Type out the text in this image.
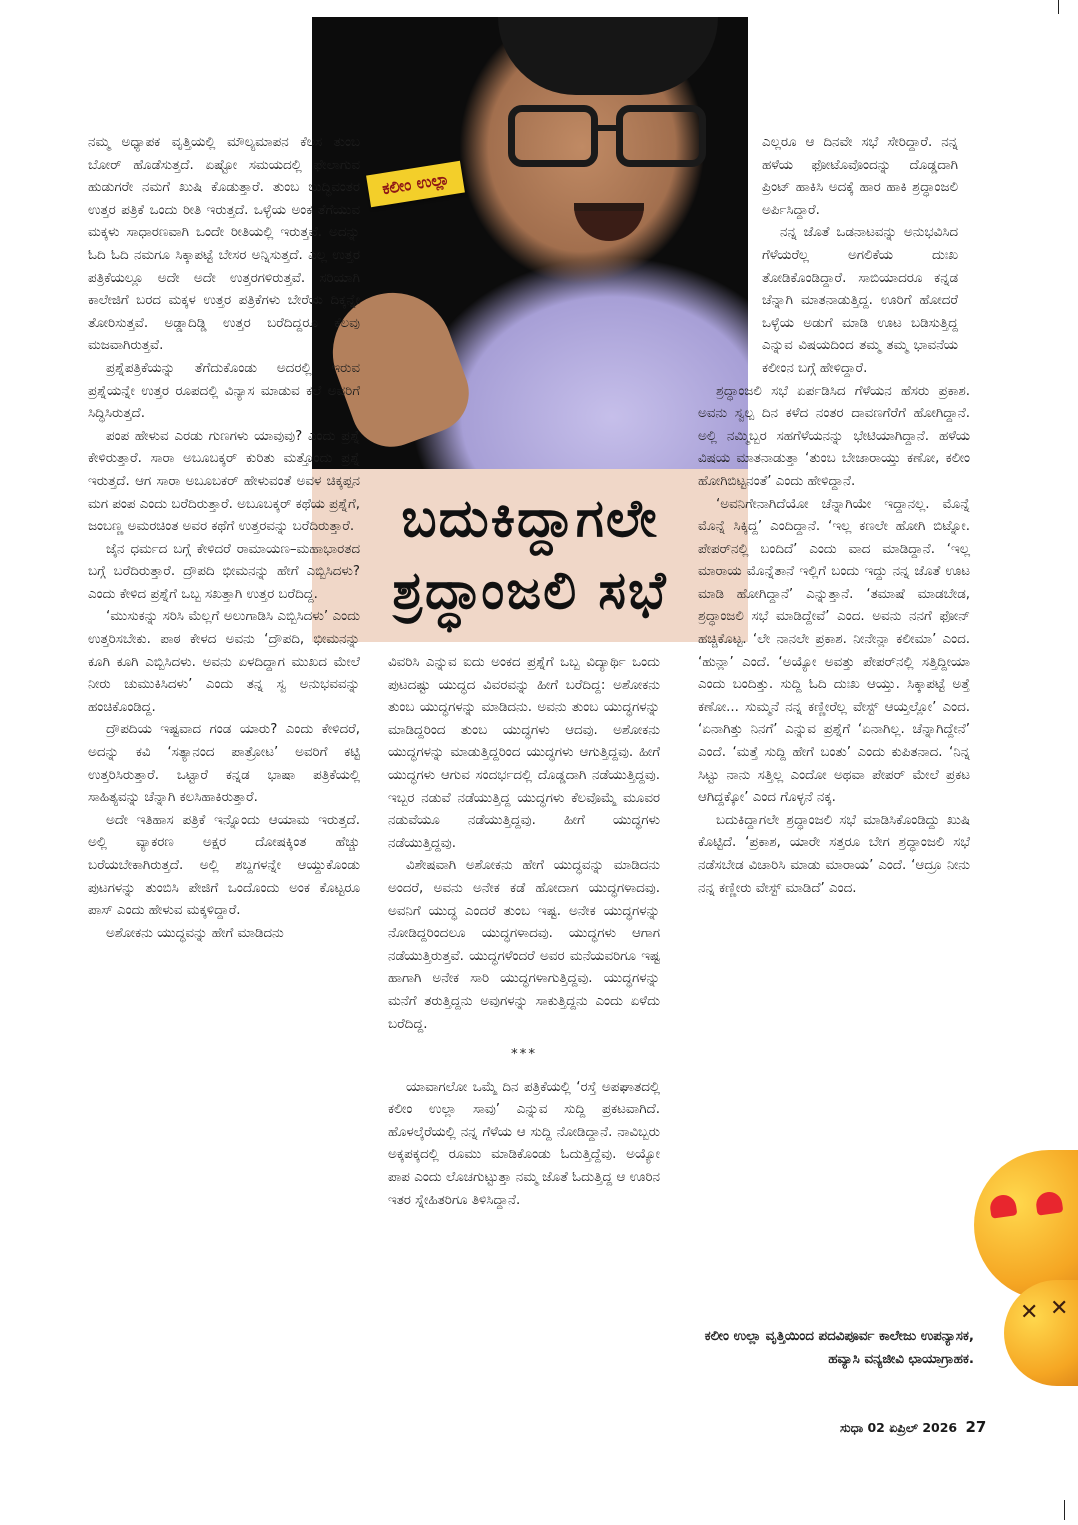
ಕಲೀಂ ಉಲ್ಲಾ
ಬದುಕಿದ್ದಾಗಲೇ
ಶ್ರದ್ಧಾಂಜಲಿ ಸಭೆ

ನಮ್ಮ ಅಧ್ಯಾಪಕ ವೃತ್ತಿಯಲ್ಲಿ ಮೌಲ್ಯಮಾಪನ ಕೆಲಸ ತುಂಬ ಬೋರ್ ಹೊಡೆಸುತ್ತದೆ. ಏಷ್ಟೋ ಸಮಯದಲ್ಲಿ ಫೇಲಾಗುವ ಹುಡುಗರೇ ನಮಗೆ ಖುಷಿ ಕೊಡುತ್ತಾರೆ. ತುಂಬ ಬುದ್ಧಿವಂತರ ಉತ್ತರ ಪತ್ರಿಕೆ ಒಂದು ರೀತಿ ಇರುತ್ತದೆ. ಒಳ್ಳೆಯ ಅಂಕ ತೆಗೆಯುವ ಮಕ್ಕಳು ಸಾಧಾರಣವಾಗಿ ಒಂದೇ ರೀತಿಯಲ್ಲಿ ಇರುತ್ತವೆ. ಅದನ್ನು ಓದಿ ಓದಿ ನಮಗೂ ಸಿಕ್ಕಾಪಟ್ಟೆ ಬೇಸರ ಅನ್ನಿಸುತ್ತದೆ. ಎಲ್ಲ ಉತ್ತರ ಪತ್ರಿಕೆಯಲ್ಲೂ ಅದೇ ಅದೇ ಉತ್ತರಗಳಿರುತ್ತವೆ. ಸರಿಯಾಗಿ ಕಾಲೇಜಿಗೆ ಬರದ ಮಕ್ಕಳ ಉತ್ತರ ಪತ್ರಿಕೆಗಳು ಬೇರೆಯ ದಿಕ್ಕನ್ನೇ ತೋರಿಸುತ್ತವೆ. ಅಡ್ಡಾದಿಡ್ಡಿ ಉತ್ತರ ಬರೆದಿದ್ದರೂ ಕೆಲವು ಮಜವಾಗಿರುತ್ತವೆ.

ಪ್ರಶ್ನೆಪತ್ರಿಕೆಯನ್ನು ತೆಗೆದುಕೊಂಡು ಅದರಲ್ಲಿ ಇರುವ ಪ್ರಶ್ನೆಯನ್ನೇ ಉತ್ತರ ರೂಪದಲ್ಲಿ ವಿನ್ಯಾಸ ಮಾಡುವ ಕಲೆ ಅವರಿಗೆ ಸಿದ್ಧಿಸಿರುತ್ತದೆ.

ಪಂಪ ಹೇಳುವ ಎರಡು ಗುಣಗಳು ಯಾವುವು? ಎಂದು ಪ್ರಶ್ನೆ ಕೇಳಿರುತ್ತಾರೆ. ಸಾರಾ ಅಬೂಬಕ್ಕರ್ ಕುರಿತು ಮತ್ತೊಂದು ಪ್ರಶ್ನೆ ಇರುತ್ತದೆ. ಆಗ ಸಾರಾ ಅಬೂಬಕರ್ ಹೇಳುವಂತೆ ಅವಳ ಚಿಕ್ಕಪ್ಪನ ಮಗ ಪಂಪ ಎಂದು ಬರೆದಿರುತ್ತಾರೆ. ಅಬೂಬಕ್ಕರ್ ಕಥೆಯ ಪ್ರಶ್ನೆಗೆ, ಜಂಬಣ್ಣ ಅಮರಚಿಂತ ಅವರ ಕಥೆಗೆ ಉತ್ತರವನ್ನು ಬರೆದಿರುತ್ತಾರೆ.

ಜೈನ ಧರ್ಮದ ಬಗ್ಗೆ ಕೇಳಿದರೆ ರಾಮಾಯಣ–ಮಹಾಭಾರತದ ಬಗ್ಗೆ ಬರೆದಿರುತ್ತಾರೆ. ದ್ರೌಪದಿ ಭೀಮನನ್ನು ಹೇಗೆ ಎಬ್ಬಿಸಿದಳು? ಎಂದು ಕೇಳಿದ ಪ್ರಶ್ನೆಗೆ ಒಬ್ಬ ಸಖತ್ತಾಗಿ ಉತ್ತರ ಬರೆದಿದ್ದ.

‘ಮುಸುಕನ್ನು ಸರಿಸಿ ಮೆಲ್ಲಗೆ ಅಲುಗಾಡಿಸಿ ಎಬ್ಬಿಸಿದಳು’ ಎಂದು ಉತ್ತರಿಸಬೇಕು. ಪಾಠ ಕೇಳದ ಅವನು ‘ದ್ರೌಪದಿ, ಭೀಮನನ್ನು ಕೂಗಿ ಕೂಗಿ ಎಬ್ಬಿಸಿದಳು. ಅವನು ಏಳದಿದ್ದಾಗ ಮುಖದ ಮೇಲೆ ನೀರು ಚುಮುಕಿಸಿದಳು’ ಎಂದು ತನ್ನ ಸ್ವ ಅನುಭವವನ್ನು ಹಂಚಿಕೊಂಡಿದ್ದ.

ದ್ರೌಪದಿಯ ಇಷ್ಟವಾದ ಗಂಡ ಯಾರು? ಎಂದು ಕೇಳಿದರೆ, ಅದನ್ನು ಕವಿ ‘ಸತ್ಯಾನಂದ ಪಾತ್ರೋಟ’ ಅವರಿಗೆ ಕಟ್ಟಿ ಉತ್ತರಿಸಿರುತ್ತಾರೆ. ಒಟ್ಟಾರೆ ಕನ್ನಡ ಭಾಷಾ ಪತ್ರಿಕೆಯಲ್ಲಿ ಸಾಹಿತ್ಯವನ್ನು ಚೆನ್ನಾಗಿ ಕಲಸಿಹಾಕಿರುತ್ತಾರೆ.

ಅದೇ ಇತಿಹಾಸ ಪತ್ರಿಕೆ ಇನ್ನೊಂದು ಆಯಾಮ ಇರುತ್ತದೆ. ಅಲ್ಲಿ ವ್ಯಾಕರಣ ಅಕ್ಷರ ದೋಷಕ್ಕಿಂತ ಹೆಚ್ಚು ಬರೆಯಬೇಕಾಗಿರುತ್ತದೆ. ಅಲ್ಲಿ ಶಬ್ದಗಳನ್ನೇ ಆಯ್ದುಕೊಂಡು ಪುಟಗಳನ್ನು ತುಂಬಿಸಿ ಪೇಜಿಗೆ ಒಂದೊಂದು ಅಂಕ ಕೊಟ್ಟರೂ ಪಾಸ್ ಎಂದು ಹೇಳುವ ಮಕ್ಕಳಿದ್ದಾರೆ.

ಅಶೋಕನು ಯುದ್ಧವನ್ನು ಹೇಗೆ ಮಾಡಿದನು

ವಿವರಿಸಿ ಎನ್ನುವ ಐದು ಅಂಕದ ಪ್ರಶ್ನೆಗೆ ಒಬ್ಬ ವಿದ್ಯಾರ್ಥಿ ಒಂದು ಪುಟದಷ್ಟು ಯುದ್ಧದ ವಿವರವನ್ನು ಹೀಗೆ ಬರೆದಿದ್ದ: ಅಶೋಕನು ತುಂಬ ಯುದ್ಧಗಳನ್ನು ಮಾಡಿದನು. ಅವನು ತುಂಬ ಯುದ್ಧಗಳನ್ನು ಮಾಡಿದ್ದರಿಂದ ತುಂಬ ಯುದ್ಧಗಳು ಆದವು. ಅಶೋಕನು ಯುದ್ಧಗಳನ್ನು ಮಾಡುತ್ತಿದ್ದರಿಂದ ಯುದ್ಧಗಳು ಆಗುತ್ತಿದ್ದವು. ಹೀಗೆ ಯುದ್ಧಗಳು ಆಗುವ ಸಂದರ್ಭದಲ್ಲಿ ದೊಡ್ಡದಾಗಿ ನಡೆಯುತ್ತಿದ್ದವು. ಇಬ್ಬರ ನಡುವೆ ನಡೆಯುತ್ತಿದ್ದ ಯುದ್ಧಗಳು ಕೆಲವೊಮ್ಮೆ ಮೂವರ ನಡುವೆಯೂ ನಡೆಯುತ್ತಿದ್ದವು. ಹೀಗೆ ಯುದ್ಧಗಳು ನಡೆಯುತ್ತಿದ್ದವು.

ವಿಶೇಷವಾಗಿ ಅಶೋಕನು ಹೇಗೆ ಯುದ್ಧವನ್ನು ಮಾಡಿದನು ಅಂದರೆ, ಅವನು ಅನೇಕ ಕಡೆ ಹೋದಾಗ ಯುದ್ಧಗಳಾದವು. ಅವನಿಗೆ ಯುದ್ಧ ಎಂದರೆ ತುಂಬ ಇಷ್ಟ. ಅನೇಕ ಯುದ್ಧಗಳನ್ನು ನೋಡಿದ್ದರಿಂದಲೂ ಯುದ್ಧಗಳಾದವು. ಯುದ್ಧಗಳು ಆಗಾಗ ನಡೆಯುತ್ತಿರುತ್ತವೆ. ಯುದ್ಧಗಳೆಂದರೆ ಅವರ ಮನೆಯವರಿಗೂ ಇಷ್ಟ ಹಾಗಾಗಿ ಅನೇಕ ಸಾರಿ ಯುದ್ಧಗಳಾಗುತ್ತಿದ್ದವು. ಯುದ್ಧಗಳನ್ನು ಮನೆಗೆ ತರುತ್ತಿದ್ದನು ಅವುಗಳನ್ನು ಸಾಕುತ್ತಿದ್ದನು ಎಂದು ಏಳೆದು ಬರೆದಿದ್ದ.

***

ಯಾವಾಗಲೋ ಒಮ್ಮೆ ದಿನ ಪತ್ರಿಕೆಯಲ್ಲಿ ‘ರಸ್ತೆ ಅಪಘಾತದಲ್ಲಿ ಕಲೀಂ ಉಲ್ಲಾ ಸಾವು’ ಎನ್ನುವ ಸುದ್ದಿ ಪ್ರಕಟವಾಗಿದೆ. ಹೊಳಲ್ಕೆರೆಯಲ್ಲಿ ನನ್ನ ಗೆಳೆಯ ಆ ಸುದ್ದಿ ನೋಡಿದ್ದಾನೆ. ನಾವಿಬ್ಬರು ಅಕ್ಕಪಕ್ಕದಲ್ಲಿ ರೂಮು ಮಾಡಿಕೊಂಡು ಓದುತ್ತಿದ್ದೆವು. ಅಯ್ಯೋ ಪಾಪ ಎಂದು ಲೊಚಗುಟ್ಟುತ್ತಾ ನಮ್ಮ ಜೊತೆ ಓದುತ್ತಿದ್ದ ಆ ಊರಿನ ಇತರ ಸ್ನೇಹಿತರಿಗೂ ತಿಳಿಸಿದ್ದಾನೆ.

ಎಲ್ಲರೂ ಆ ದಿನವೇ ಸಭೆ ಸೇರಿದ್ದಾರೆ. ನನ್ನ ಹಳೆಯ ಫೋಟೊವೊಂದನ್ನು ದೊಡ್ಡದಾಗಿ ಪ್ರಿಂಟ್ ಹಾಕಿಸಿ ಅದಕ್ಕೆ ಹಾರ ಹಾಕಿ ಶ್ರದ್ಧಾಂಜಲಿ ಅರ್ಪಿಸಿದ್ದಾರೆ.

ನನ್ನ ಜೊತೆ ಒಡನಾಟವನ್ನು ಅನುಭವಿಸಿದ ಗೆಳೆಯರೆಲ್ಲ ಅಗಲಿಕೆಯ ದುಃಖ ತೋಡಿಕೊಂಡಿದ್ದಾರೆ. ಸಾಬಿಯಾದರೂ ಕನ್ನಡ ಚೆನ್ನಾಗಿ ಮಾತನಾಡುತ್ತಿದ್ದ. ಊರಿಗೆ ಹೋದರೆ ಒಳ್ಳೆಯ ಅಡುಗೆ ಮಾಡಿ ಊಟ ಬಡಿಸುತ್ತಿದ್ದ ಎನ್ನುವ ವಿಷಯದಿಂದ ತಮ್ಮ ತಮ್ಮ ಭಾವನೆಯ ಕಲೀಂನ ಬಗ್ಗೆ ಹೇಳಿದ್ದಾರೆ.

ಶ್ರದ್ಧಾಂಜಲಿ ಸಭೆ ಏರ್ಪಡಿಸಿದ ಗೆಳೆಯನ ಹೆಸರು ಪ್ರಕಾಶ. ಅವನು ಸ್ವಲ್ಪ ದಿನ ಕಳೆದ ನಂತರ ದಾವಣಗೆರೆಗೆ ಹೋಗಿದ್ದಾನೆ. ಅಲ್ಲಿ ನಮ್ಮಿಬ್ಬರ ಸಹಗೆಳೆಯನನ್ನು ಭೇಟಿಯಾಗಿದ್ದಾನೆ. ಹಳೆಯ ವಿಷಯ ಮಾತನಾಡುತ್ತಾ ‘ತುಂಬ ಬೇಜಾರಾಯ್ತು ಕಣೋ, ಕಲೀಂ ಹೋಗಿಬಿಟ್ಟನಂತೆ’ ಎಂದು ಹೇಳಿದ್ದಾನೆ.

‘ಅವನಿಗೇನಾಗಿದೆಯೋ ಚೆನ್ನಾಗಿಯೇ ಇದ್ದಾನಲ್ಲ. ಮೊನ್ನೆ ಮೊನ್ನೆ ಸಿಕ್ಕಿದ್ದ’ ಎಂದಿದ್ದಾನೆ. ‘ಇಲ್ಲ ಕಣಲೇ ಹೋಗಿ ಬಿಟ್ನೋ. ಪೇಪರ್‌ನಲ್ಲಿ ಬಂದಿದೆ’ ಎಂದು ವಾದ ಮಾಡಿದ್ದಾನೆ. ‘ಇಲ್ಲ ಮಾರಾಯ ಮೊನ್ನೆತಾನೆ ಇಲ್ಲಿಗೆ ಬಂದು ಇದ್ದು ನನ್ನ ಜೊತೆ ಊಟ ಮಾಡಿ ಹೋಗಿದ್ದಾನೆ’ ಎನ್ನುತ್ತಾನೆ. ‘ತಮಾಷೆ ಮಾಡಬೇಡ, ಶ್ರದ್ಧಾಂಜಲಿ ಸಭೆ ಮಾಡಿದ್ದೇವೆ’ ಎಂದ. ಅವನು ನನಗೆ ಫೋನ್ ಹಚ್ಚಿಕೊಟ್ಟ. ‘ಲೇ ನಾನಲೇ ಪ್ರಕಾಶ. ನೀನೇನ್ಲಾ ಕಲೀಮಾ’ ಎಂದ. ‘ಹುನ್ಲಾ’ ಎಂದೆ. ‘ಅಯ್ಯೋ ಅವತ್ತು ಪೇಪರ್‌ನಲ್ಲಿ ಸತ್ತಿದ್ದೀಯಾ ಎಂದು ಬಂದಿತ್ತು. ಸುದ್ದಿ ಓದಿ ದುಃಖ ಆಯ್ತು. ಸಿಕ್ಕಾಪಟ್ಟೆ ಅತ್ತೆ ಕಣೋ... ಸುಮ್ಮನೆ ನನ್ನ ಕಣ್ಣೀರೆಲ್ಲ ವೇಸ್ಟ್ ಆಯ್ತಲ್ಲೋ’ ಎಂದ. ‘ಏನಾಗಿತ್ತು ನಿನಗೆ’ ಎನ್ನುವ ಪ್ರಶ್ನೆಗೆ ‘ಏನಾಗಿಲ್ಲ. ಚೆನ್ನಾಗಿದ್ದೇನೆ’ ಎಂದೆ. ‘ಮತ್ತೆ ಸುದ್ದಿ ಹೇಗೆ ಬಂತು’ ಎಂದು ಕುಪಿತನಾದ. ‘ನಿನ್ನ ಸಿಟ್ಟು ನಾನು ಸತ್ತಿಲ್ಲ ಎಂದೋ ಅಥವಾ ಪೇಪರ್ ಮೇಲೆ ಪ್ರಕಟ ಆಗಿದ್ದಕ್ಕೋ’ ಎಂದ ಗೊಳ್ಳನೆ ನಕ್ಕ.

ಬದುಕಿದ್ದಾಗಲೇ ಶ್ರದ್ಧಾಂಜಲಿ ಸಭೆ ಮಾಡಿಸಿಕೊಂಡಿದ್ದು ಖುಷಿ ಕೊಟ್ಟಿದೆ. ‘ಪ್ರಕಾಶ, ಯಾರೇ ಸತ್ತರೂ ಬೇಗ ಶ್ರದ್ಧಾಂಜಲಿ ಸಭೆ ನಡೆಸಬೇಡ ವಿಚಾರಿಸಿ ಮಾಡು ಮಾರಾಯ’ ಎಂದೆ. ‘ಆದ್ರೂ ನೀನು ನನ್ನ ಕಣ್ಣೀರು ವೇಸ್ಟ್ ಮಾಡಿದೆ’ ಎಂದ.

ಕಲೀಂ ಉಲ್ಲಾ ವೃತ್ತಿಯಿಂದ ಪದವಿಪೂರ್ವ ಕಾಲೇಜು ಉಪನ್ಯಾಸಕ, ಹವ್ಯಾಸಿ ವನ್ಯಜೀವಿ ಛಾಯಾಗ್ರಾಹಕ.
✕ ✕
ಸುಧಾ 02 ಏಪ್ರಿಲ್ 2026 27
